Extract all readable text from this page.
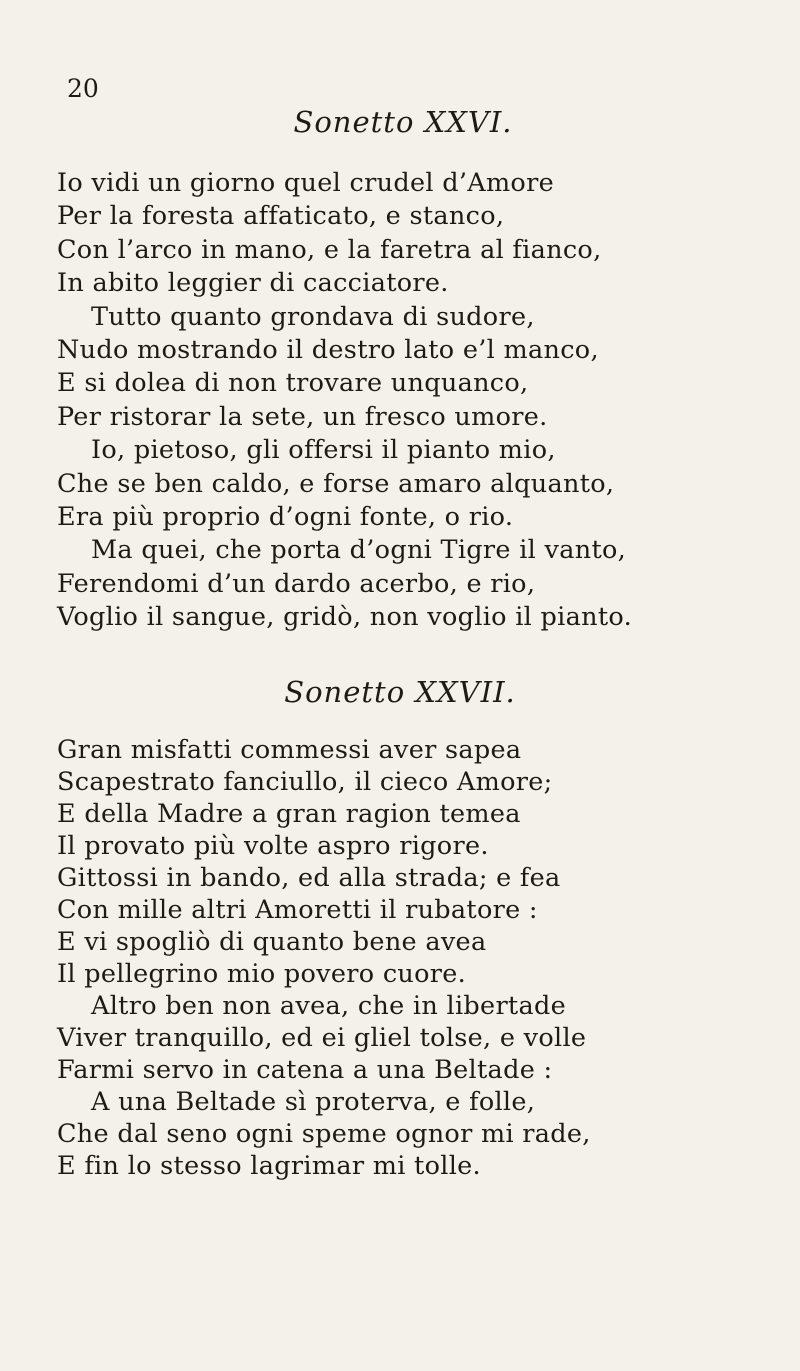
20
Sonetto XXVI.
Io vidi un giorno quel crudel d’Amore
Per la foresta affaticato, e stanco,
Con l’arco in mano, e la faretra al fianco,
In abito leggier di cacciatore.
Tutto quanto grondava di sudore,
Nudo mostrando il destro lato e’l manco,
E si dolea di non trovare unquanco,
Per ristorar la sete, un fresco umore.
Io, pietoso, gli offersi il pianto mio,
Che se ben caldo, e forse amaro alquanto,
Era più proprio d’ogni fonte, o rio.
Ma quei, che porta d’ogni Tigre il vanto,
Ferendomi d’un dardo acerbo, e rio,
Voglio il sangue, gridò, non voglio il pianto.
Sonetto XXVII.
Gran misfatti commessi aver sapea
Scapestrato fanciullo, il cieco Amore;
E della Madre a gran ragion temea
Il provato più volte aspro rigore.
Gittossi in bando, ed alla strada; e fea
Con mille altri Amoretti il rubatore :
E vi spogliò di quanto bene avea
Il pellegrino mio povero cuore.
Altro ben non avea, che in libertade
Viver tranquillo, ed ei gliel tolse, e volle
Farmi servo in catena a una Beltade :
A una Beltade sì proterva, e folle,
Che dal seno ogni speme ognor mi rade,
E fin lo stesso lagrimar mi tolle.
